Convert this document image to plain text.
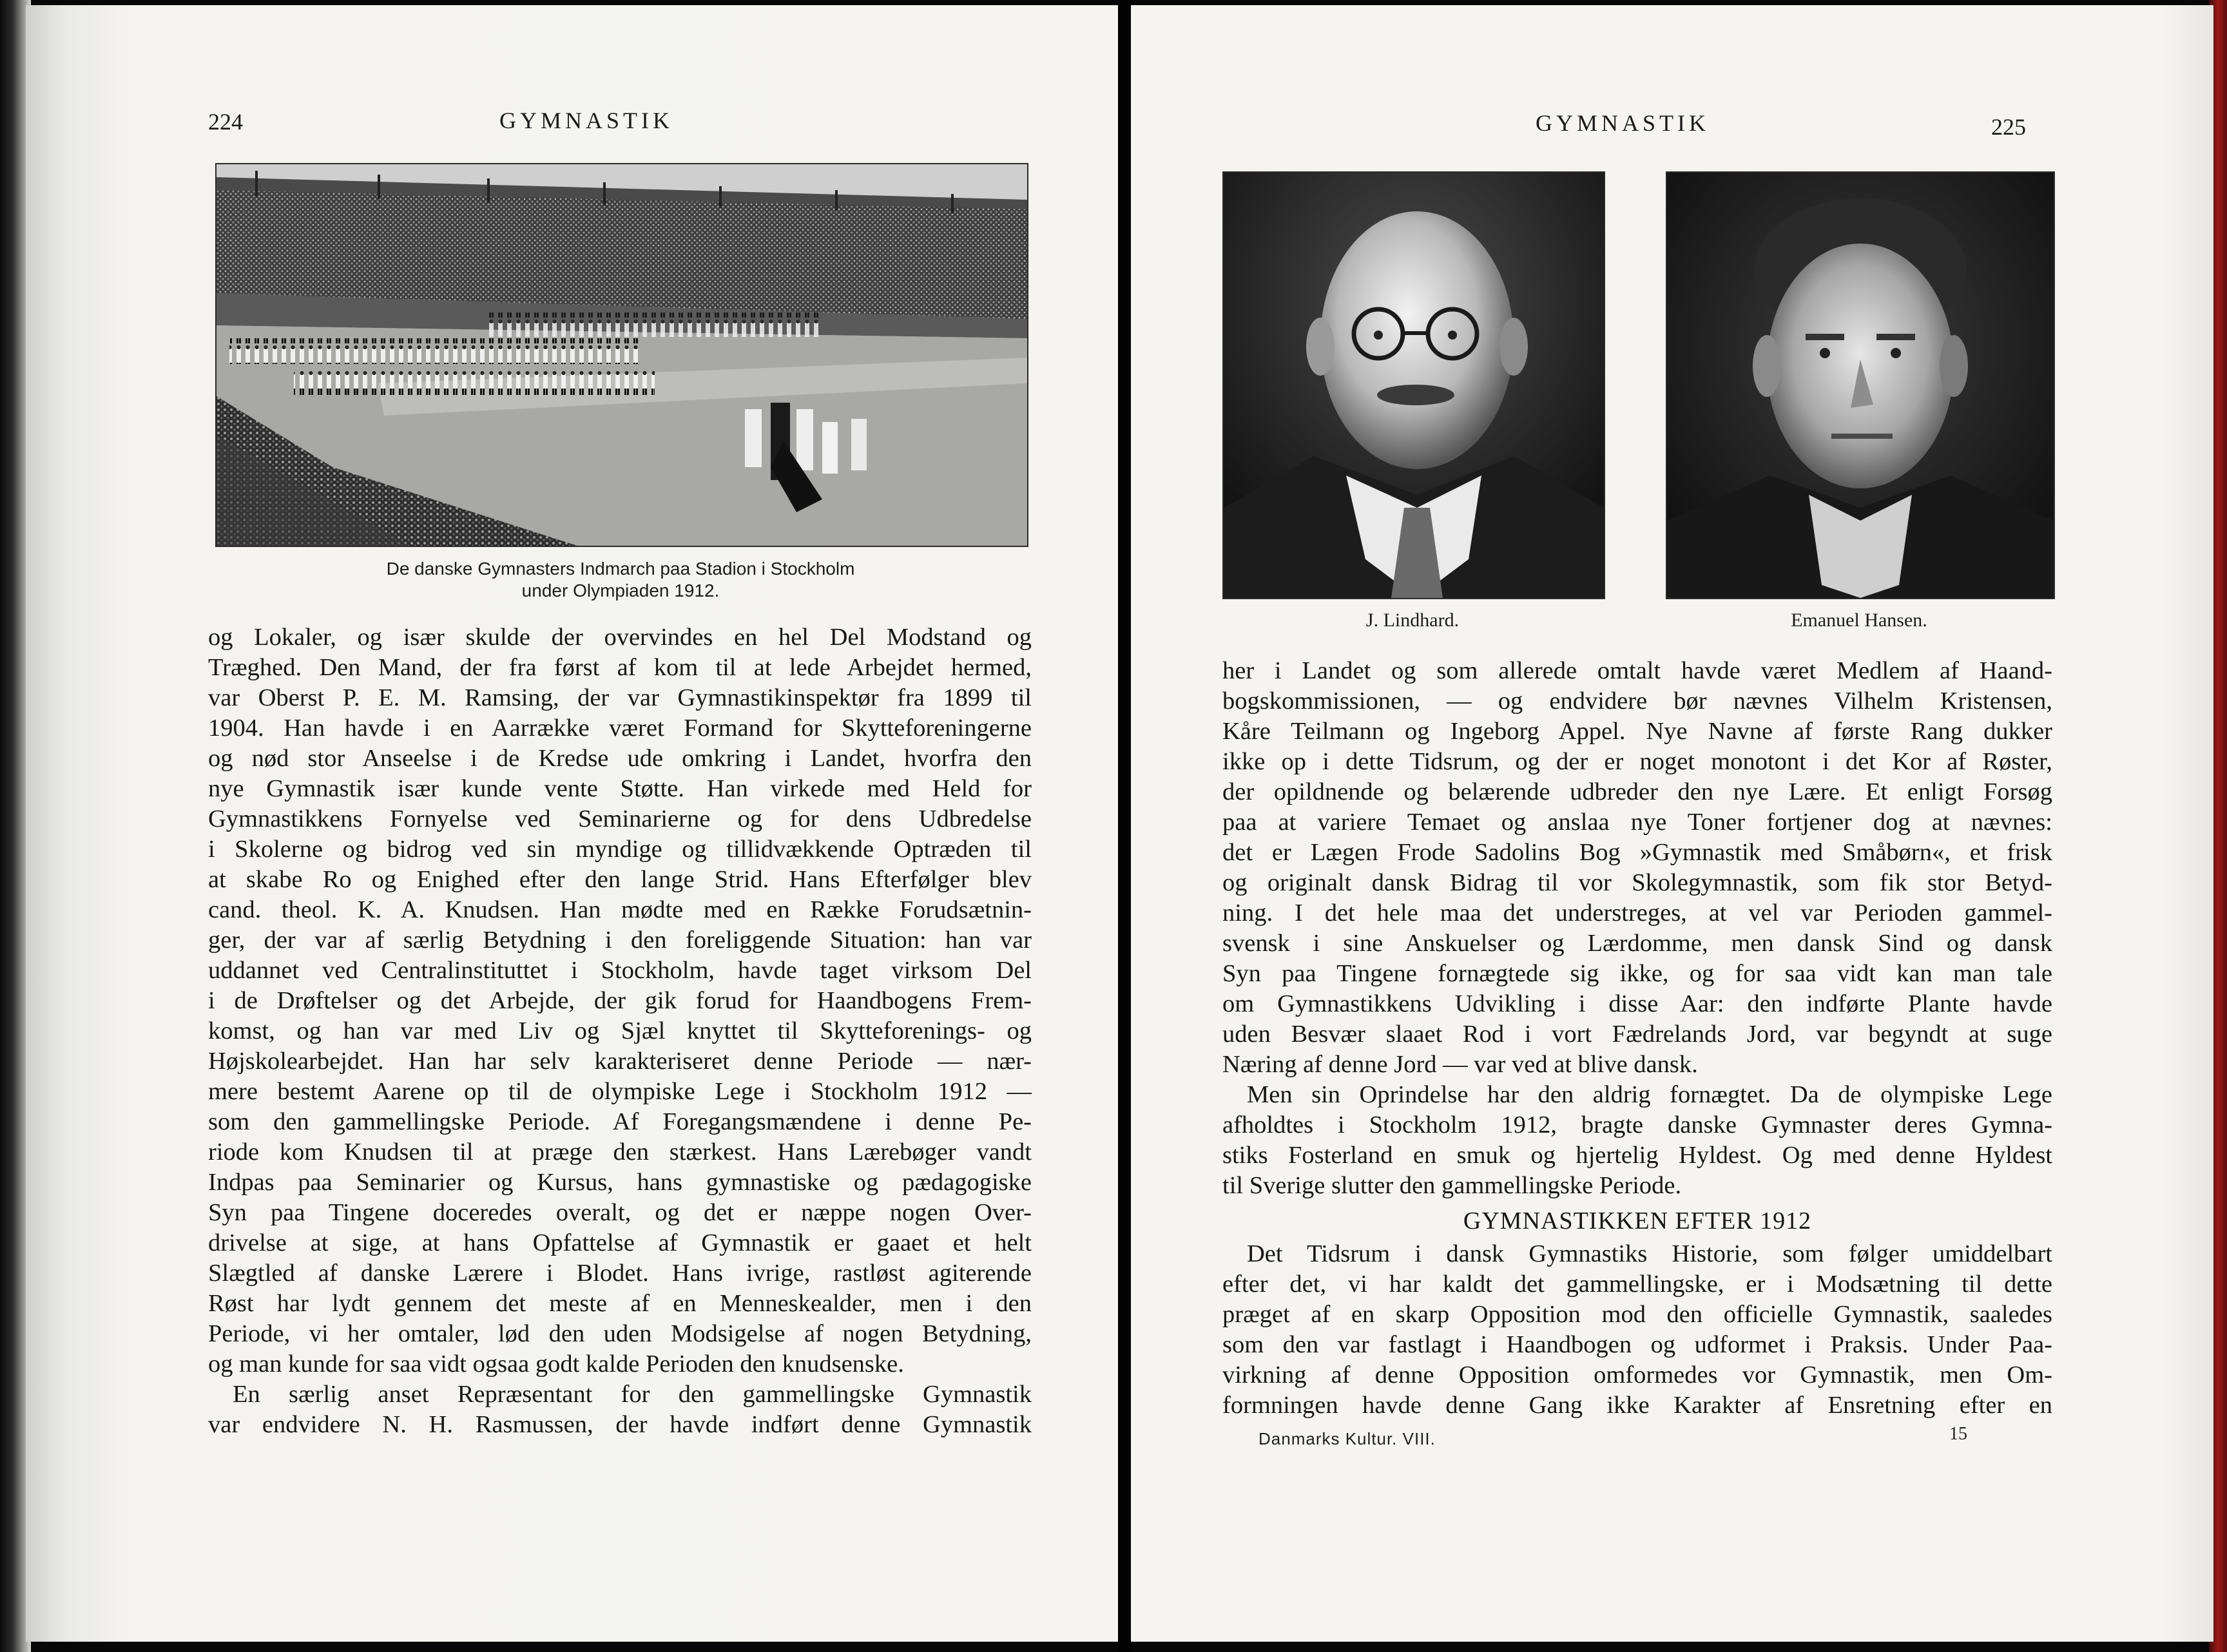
224	GYMNASTIK
De danske Gymnasters Indmarch paa Stadion i Stockholm
under Olympiaden 1912.
og Lokaler, og især skulde der overvindes en hel Del Modstand og
Træghed. Den Mand, der fra først af kom til at lede Arbejdet hermed,
var Oberst P. E. M. Ramsing, der var Gymnastikinspektør fra 1899 til
1904. Han havde i en Aarrække været Formand for Skytteforeningerne
og nød stor Anseelse i de Kredse ude omkring i Landet, hvorfra den
nye Gymnastik især kunde vente Støtte. Han virkede med Held for
Gymnastikkens Fornyelse ved Seminarierne og for dens Udbredelse
i Skolerne og bidrog ved sin myndige og tillidvækkende Optræden til
at skabe Ro og Enighed efter den lange Strid. Hans Efterfølger blev
cand. theol. K. A. Knudsen. Han mødte med en Række Forudsætnin-
ger, der var af særlig Betydning i den foreliggende Situation: han var
uddannet ved Centralinstituttet i Stockholm, havde taget virksom Del
i de Drøftelser og det Arbejde, der gik forud for Haandbogens Frem-
komst, og han var med Liv og Sjæl knyttet til Skytteforenings- og
Højskolearbejdet. Han har selv karakteriseret denne Periode — nær-
mere bestemt Aarene op til de olympiske Lege i Stockholm 1912 —
som den gammellingske Periode. Af Foregangsmændene i denne Pe-
riode kom Knudsen til at præge den stærkest. Hans Lærebøger vandt
Indpas paa Seminarier og Kursus, hans gymnastiske og pædagogiske
Syn paa Tingene doceredes overalt, og det er næppe nogen Over-
drivelse at sige, at hans Opfattelse af Gymnastik er gaaet et helt
Slægtled af danske Lærere i Blodet. Hans ivrige, rastløst agiterende
Røst har lydt gennem det meste af en Menneskealder, men i den
Periode, vi her omtaler, lød den uden Modsigelse af nogen Betydning,
og man kunde for saa vidt ogsaa godt kalde Perioden den knudsenske.
En særlig anset Repræsentant for den gammellingske Gymnastik
var endvidere N. H. Rasmussen, der havde indført denne Gymnastik
GYMNASTIK	225
J. Lindhard.	Emanuel Hansen.
her i Landet og som allerede omtalt havde været Medlem af Haand-
bogskommissionen, — og endvidere bør nævnes Vilhelm Kristensen,
Kåre Teilmann og Ingeborg Appel. Nye Navne af første Rang dukker
ikke op i dette Tidsrum, og der er noget monotont i det Kor af Røster,
der opildnende og belærende udbreder den nye Lære. Et enligt Forsøg
paa at variere Temaet og anslaa nye Toner fortjener dog at nævnes:
det er Lægen Frode Sadolins Bog »Gymnastik med Småbørn«, et frisk
og originalt dansk Bidrag til vor Skolegymnastik, som fik stor Betyd-
ning. I det hele maa det understreges, at vel var Perioden gammel-
svensk i sine Anskuelser og Lærdomme, men dansk Sind og dansk
Syn paa Tingene fornægtede sig ikke, og for saa vidt kan man tale
om Gymnastikkens Udvikling i disse Aar: den indførte Plante havde
uden Besvær slaaet Rod i vort Fædrelands Jord, var begyndt at suge
Næring af denne Jord — var ved at blive dansk.
Men sin Oprindelse har den aldrig fornægtet. Da de olympiske Lege
afholdtes i Stockholm 1912, bragte danske Gymnaster deres Gymna-
stiks Fosterland en smuk og hjertelig Hyldest. Og med denne Hyldest
til Sverige slutter den gammellingske Periode.
GYMNASTIKKEN EFTER 1912
Det Tidsrum i dansk Gymnastiks Historie, som følger umiddelbart
efter det, vi har kaldt det gammellingske, er i Modsætning til dette
præget af en skarp Opposition mod den officielle Gymnastik, saaledes
som den var fastlagt i Haandbogen og udformet i Praksis. Under Paa-
virkning af denne Opposition omformedes vor Gymnastik, men Om-
formningen havde denne Gang ikke Karakter af Ensretning efter en
Danmarks Kultur. VIII.	15
